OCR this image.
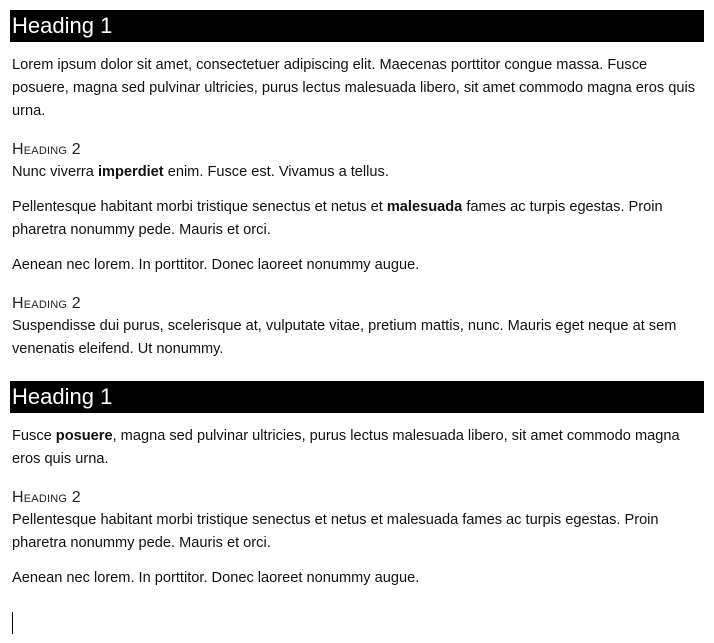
Heading 1

Lorem ipsum dolor sit amet, consectetuer adipiscing elit. Maecenas porttitor congue massa. Fusce posuere, magna sed pulvinar ultricies, purus lectus malesuada libero, sit amet commodo magna eros quis urna.

Heading 2

Nunc viverra imperdiet enim. Fusce est. Vivamus a tellus.

Pellentesque habitant morbi tristique senectus et netus et malesuada fames ac turpis egestas. Proin pharetra nonummy pede. Mauris et orci.

Aenean nec lorem. In porttitor. Donec laoreet nonummy augue.

Heading 2

Suspendisse dui purus, scelerisque at, vulputate vitae, pretium mattis, nunc. Mauris eget neque at sem venenatis eleifend. Ut nonummy.

Heading 1

Fusce posuere, magna sed pulvinar ultricies, purus lectus malesuada libero, sit amet commodo magna eros quis urna.

Heading 2

Pellentesque habitant morbi tristique senectus et netus et malesuada fames ac turpis egestas. Proin pharetra nonummy pede. Mauris et orci.

Aenean nec lorem. In porttitor. Donec laoreet nonummy augue.
